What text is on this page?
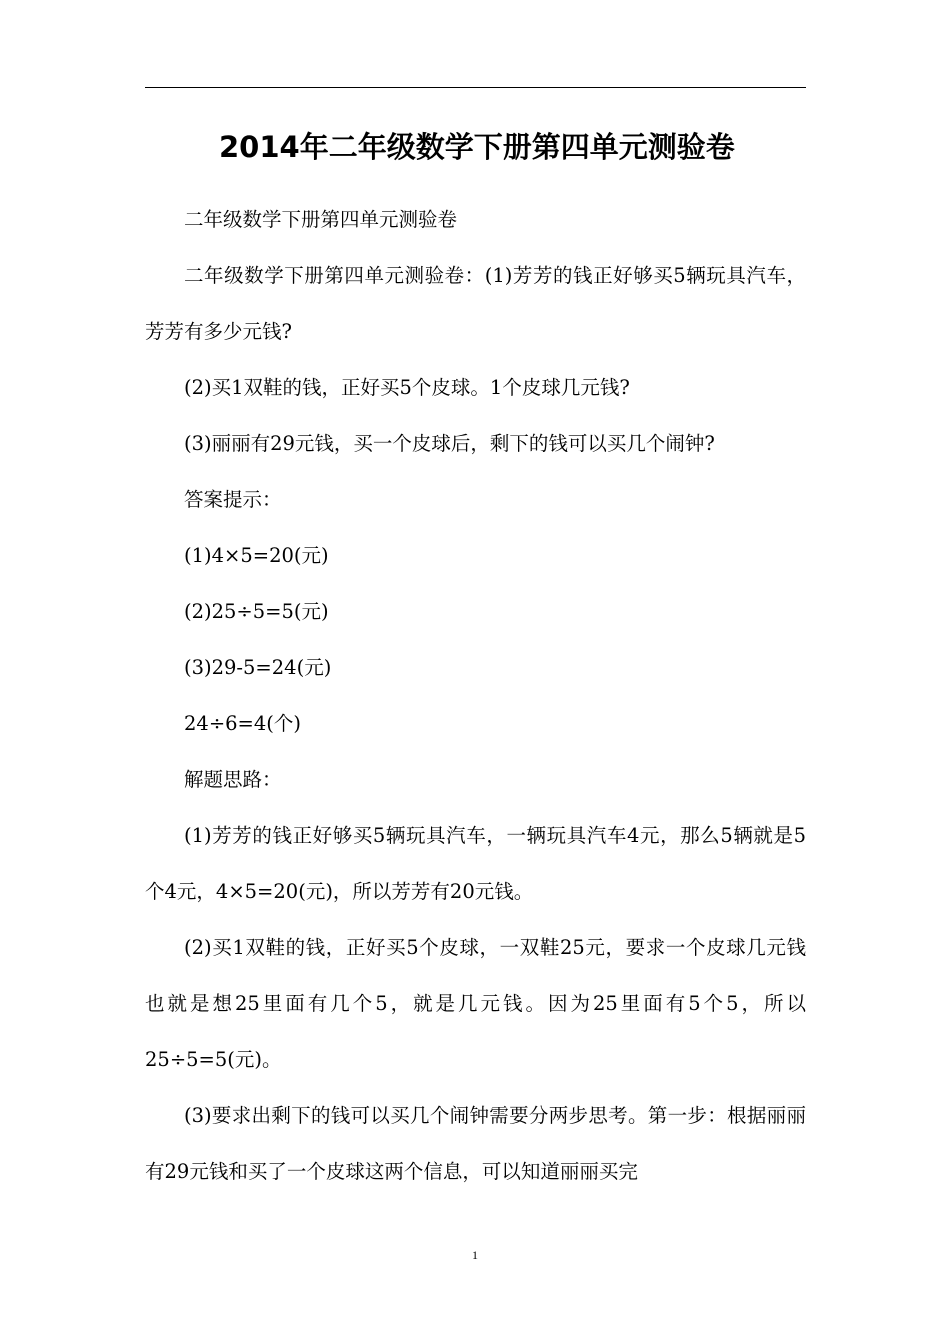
2014年二年级数学下册第四单元测验卷

二年级数学下册第四单元测验卷

二年级数学下册第四单元测验卷：(1)芳芳的钱正好够买5辆玩具汽车，芳芳有多少元钱?

(2)买1双鞋的钱，正好买5个皮球。1个皮球几元钱?

(3)丽丽有29元钱，买一个皮球后，剩下的钱可以买几个闹钟?

答案提示：

(1)4×5=20(元)

(2)25÷5=5(元)

(3)29-5=24(元)

24÷6=4(个)

解题思路：

(1)芳芳的钱正好够买5辆玩具汽车，一辆玩具汽车4元，那么5辆就是5个4元，4×5=20(元)，所以芳芳有20元钱。

(2)买1双鞋的钱，正好买5个皮球，一双鞋25元，要求一个皮球几元钱也就是想25里面有几个5，就是几元钱。因为25里面有5个5，所以25÷5=5(元)。

(3)要求出剩下的钱可以买几个闹钟需要分两步思考。第一步：根据丽丽有29元钱和买了一个皮球这两个信息，可以知道丽丽买完

1
